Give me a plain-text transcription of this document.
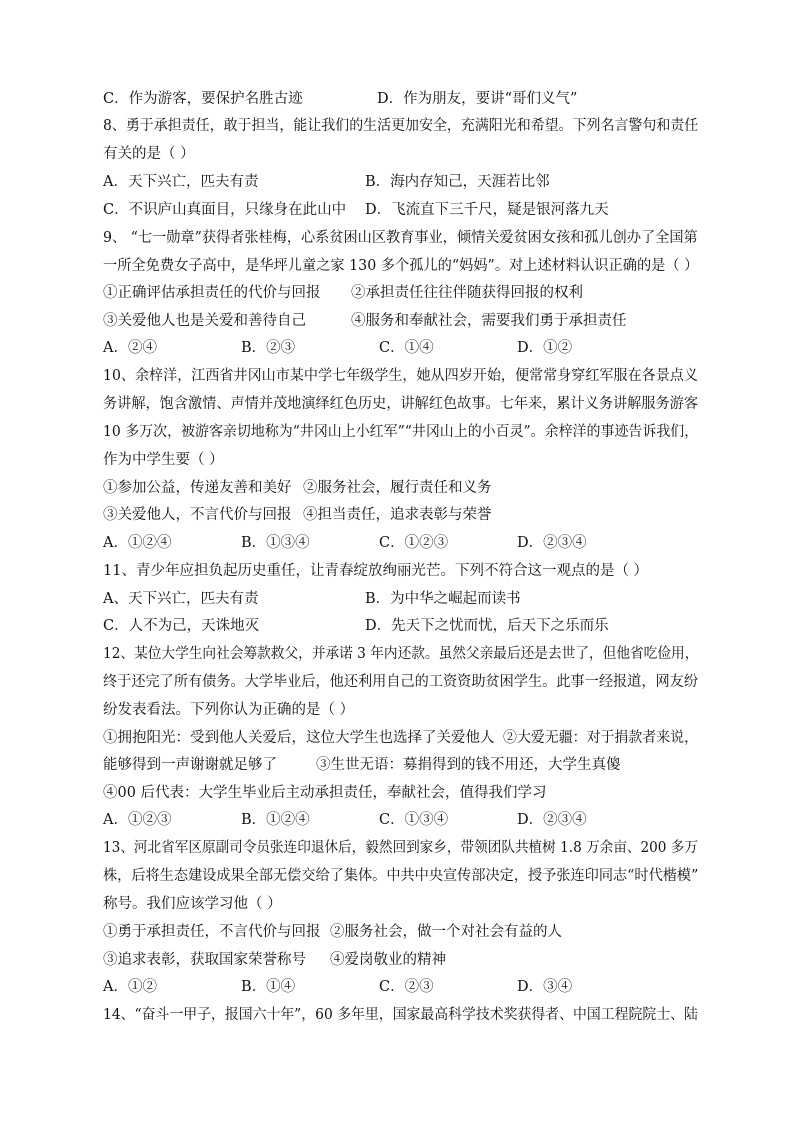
C．作为游客，要保护名胜古迹	D．作为朋友，要讲“哥们义气”
8、勇于承担责任，敢于担当，能让我们的生活更加安全，充满阳光和希望。下列名言警句和责任
有关的是（ ）
A．天下兴亡，匹夫有责	B．海内存知己，天涯若比邻
C．不识庐山真面目，只缘身在此山中 D．飞流直下三千尺，疑是银河落九天
9、 “七一勋章”获得者张桂梅，心系贫困山区教育事业，倾情关爱贫困女孩和孤儿创办了全国第
一所全免费女子高中，是华坪儿童之家 130 多个孤儿的“妈妈”。对上述材料认识正确的是（ ）
①正确评估承担责任的代价与回报 ②承担责任往往伴随获得回报的权利
③关爱他人也是关爱和善待自己	④服务和奉献社会，需要我们勇于承担责任
A．②④	B．②③	C．①④	D．①②
10、余梓洋，江西省井冈山市某中学七年级学生，她从四岁开始，便常常身穿红军服在各景点义
务讲解，饱含激情、声情并茂地演绎红色历史，讲解红色故事。七年来，累计义务讲解服务游客
10 多万次，被游客亲切地称为“井冈山上小红军”“井冈山上的小百灵”。余梓洋的事迹告诉我们，
作为中学生要（ ）
①参加公益，传递友善和美好 ②服务社会，履行责任和义务
③关爱他人，不言代价与回报 ④担当责任，追求表彰与荣誉
A．①②④	B．①③④	C．①②③	D．②③④
11、青少年应担负起历史重任，让青春绽放绚丽光芒。下列不符合这一观点的是（ ）
A、天下兴亡，匹夫有责	B．为中华之崛起而读书
C．人不为己，天诛地灭	D．先天下之忧而忧，后天下之乐而乐
12、某位大学生向社会筹款救父，并承诺 3 年内还款。虽然父亲最后还是去世了，但他省吃俭用，
终于还完了所有债务。大学毕业后，他还利用自己的工资资助贫困学生。此事一经报道，网友纷
纷发表看法。下列你认为正确的是（ ）
①拥抱阳光：受到他人关爱后，这位大学生也选择了关爱他人 ②大爱无疆：对于捐款者来说，
能够得到一声谢谢就足够了	③生世无语：募捐得到的钱不用还，大学生真傻
④00 后代表：大学生毕业后主动承担责任，奉献社会，值得我们学习
A．①②③	B．①②④	C．①③④	D．②③④
13、河北省军区原副司令员张连印退休后，毅然回到家乡，带领团队共植树 1.8 万余亩、200 多万
株，后将生态建设成果全部无偿交给了集体。中共中央宣传部决定，授予张连印同志“时代楷模”
称号。我们应该学习他（ ）
①勇于承担责任，不言代价与回报 ②服务社会，做一个对社会有益的人
③追求表彰，获取国家荣誉称号 ④爱岗敬业的精神
A．①②	B．①④	C．②③	D．③④
14、“奋斗一甲子，报国六十年”，60 多年里，国家最高科学技术奖获得者、中国工程院院士、陆
